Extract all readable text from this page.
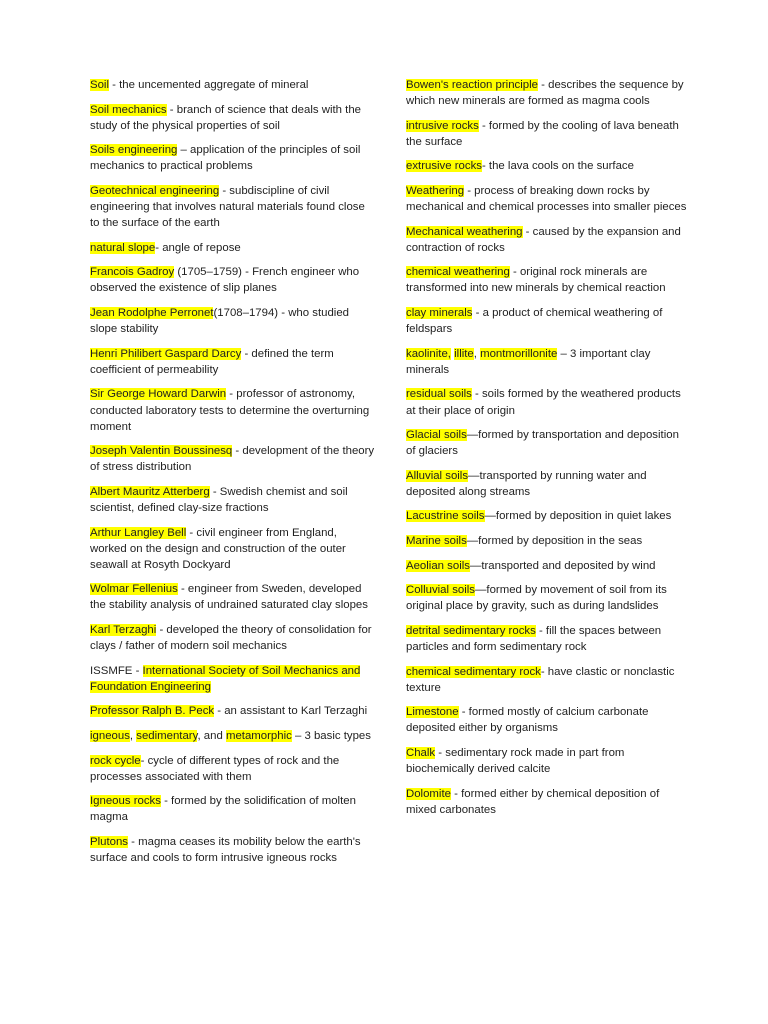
Soil - the uncemented aggregate of mineral
Soil mechanics - branch of science that deals with the study of the physical properties of soil
Soils engineering – application of the principles of soil mechanics to practical problems
Geotechnical engineering - subdiscipline of civil engineering that involves natural materials found close to the surface of the earth
natural slope- angle of repose
Francois Gadroy (1705–1759) - French engineer who observed the existence of slip planes
Jean Rodolphe Perronet(1708–1794) - who studied slope stability
Henri Philibert Gaspard Darcy - defined the term coefficient of permeability
Sir George Howard Darwin - professor of astronomy, conducted laboratory tests to determine the overturning moment
Joseph Valentin Boussinesq - development of the theory of stress distribution
Albert Mauritz Atterberg - Swedish chemist and soil scientist, defined clay-size fractions
Arthur Langley Bell - civil engineer from England, worked on the design and construction of the outer seawall at Rosyth Dockyard
Wolmar Fellenius - engineer from Sweden, developed the stability analysis of undrained saturated clay slopes
Karl Terzaghi - developed the theory of consolidation for clays / father of modern soil mechanics
ISSMFE - International Society of Soil Mechanics and Foundation Engineering
Professor Ralph B. Peck - an assistant to Karl Terzaghi
igneous, sedimentary, and metamorphic – 3 basic types
rock cycle- cycle of different types of rock and the processes associated with them
Igneous rocks - formed by the solidification of molten magma
Plutons - magma ceases its mobility below the earth's surface and cools to form intrusive igneous rocks
Bowen's reaction principle - describes the sequence by which new minerals are formed as magma cools
intrusive rocks - formed by the cooling of lava beneath the surface
extrusive rocks- the lava cools on the surface
Weathering - process of breaking down rocks by mechanical and chemical processes into smaller pieces
Mechanical weathering - caused by the expansion and contraction of rocks
chemical weathering - original rock minerals are transformed into new minerals by chemical reaction
clay minerals - a product of chemical weathering of feldspars
kaolinite, illite, montmorillonite – 3 important clay minerals
residual soils - soils formed by the weathered products at their place of origin
Glacial soils—formed by transportation and deposition of glaciers
Alluvial soils—transported by running water and deposited along streams
Lacustrine soils—formed by deposition in quiet lakes
Marine soils—formed by deposition in the seas
Aeolian soils—transported and deposited by wind
Colluvial soils—formed by movement of soil from its original place by gravity, such as during landslides
detrital sedimentary rocks - fill the spaces between particles and form sedimentary rock
chemical sedimentary rock- have clastic or nonclastic texture
Limestone - formed mostly of calcium carbonate deposited either by organisms
Chalk - sedimentary rock made in part from biochemically derived calcite
Dolomite - formed either by chemical deposition of mixed carbonates
